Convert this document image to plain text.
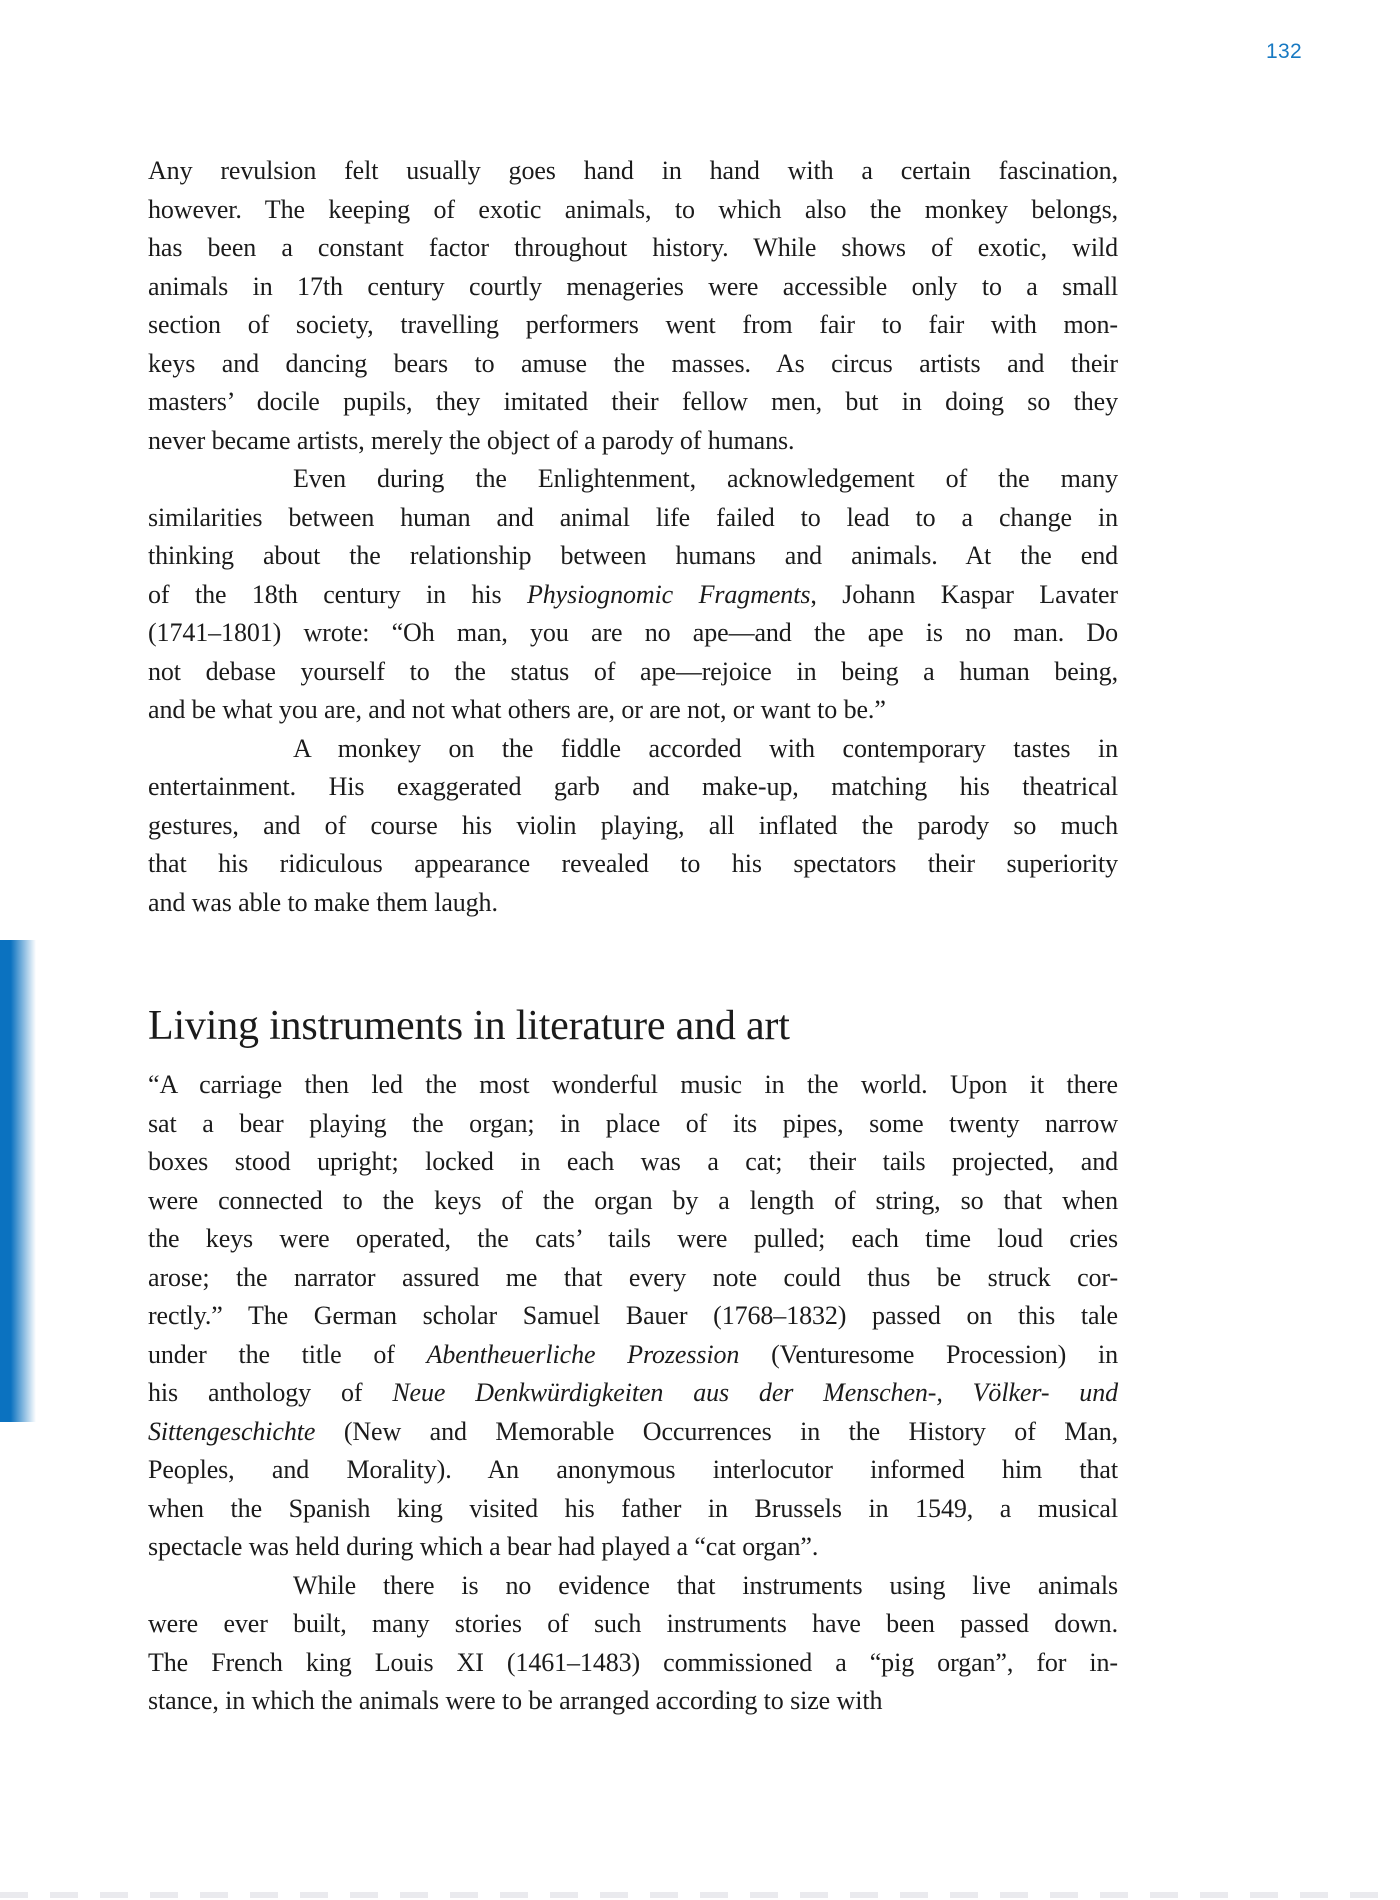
132
Any revulsion felt usually goes hand in hand with a certain fascination,
however. The keeping of exotic animals, to which also the monkey belongs,
has been a constant factor throughout history. While shows of exotic, wild
animals in 17th century courtly menageries were accessible only to a small
section of society, travelling performers went from fair to fair with mon-
keys and dancing bears to amuse the masses. As circus artists and their
masters’ docile pupils, they imitated their fellow men, but in doing so they
never became artists, merely the object of a parody of humans.
Even during the Enlightenment, acknowledgement of the many
similarities between human and animal life failed to lead to a change in
thinking about the relationship between humans and animals. At the end
of the 18th century in his Physiognomic Fragments, Johann Kaspar Lavater
(1741–1801) wrote: “Oh man, you are no ape—and the ape is no man. Do
not debase yourself to the status of ape—rejoice in being a human being,
and be what you are, and not what others are, or are not, or want to be.”
A monkey on the fiddle accorded with contemporary tastes in
entertainment. His exaggerated garb and make-up, matching his theatrical
gestures, and of course his violin playing, all inflated the parody so much
that his ridiculous appearance revealed to his spectators their superiority
and was able to make them laugh.
Living instruments in literature and art
“A carriage then led the most wonderful music in the world. Upon it there
sat a bear playing the organ; in place of its pipes, some twenty narrow
boxes stood upright; locked in each was a cat; their tails projected, and
were connected to the keys of the organ by a length of string, so that when
the keys were operated, the cats’ tails were pulled; each time loud cries
arose; the narrator assured me that every note could thus be struck cor-
rectly.” The German scholar Samuel Bauer (1768–1832) passed on this tale
under the title of Abentheuerliche Prozession (Venturesome Procession) in
his anthology of Neue Denkwürdigkeiten aus der Menschen-, Völker- und
Sittengeschichte (New and Memorable Occurrences in the History of Man,
Peoples, and Morality). An anonymous interlocutor informed him that
when the Spanish king visited his father in Brussels in 1549, a musical
spectacle was held during which a bear had played a “cat organ”.
While there is no evidence that instruments using live animals
were ever built, many stories of such instruments have been passed down.
The French king Louis XI (1461–1483) commissioned a “pig organ”, for in-
stance, in which the animals were to be arranged according to size with
